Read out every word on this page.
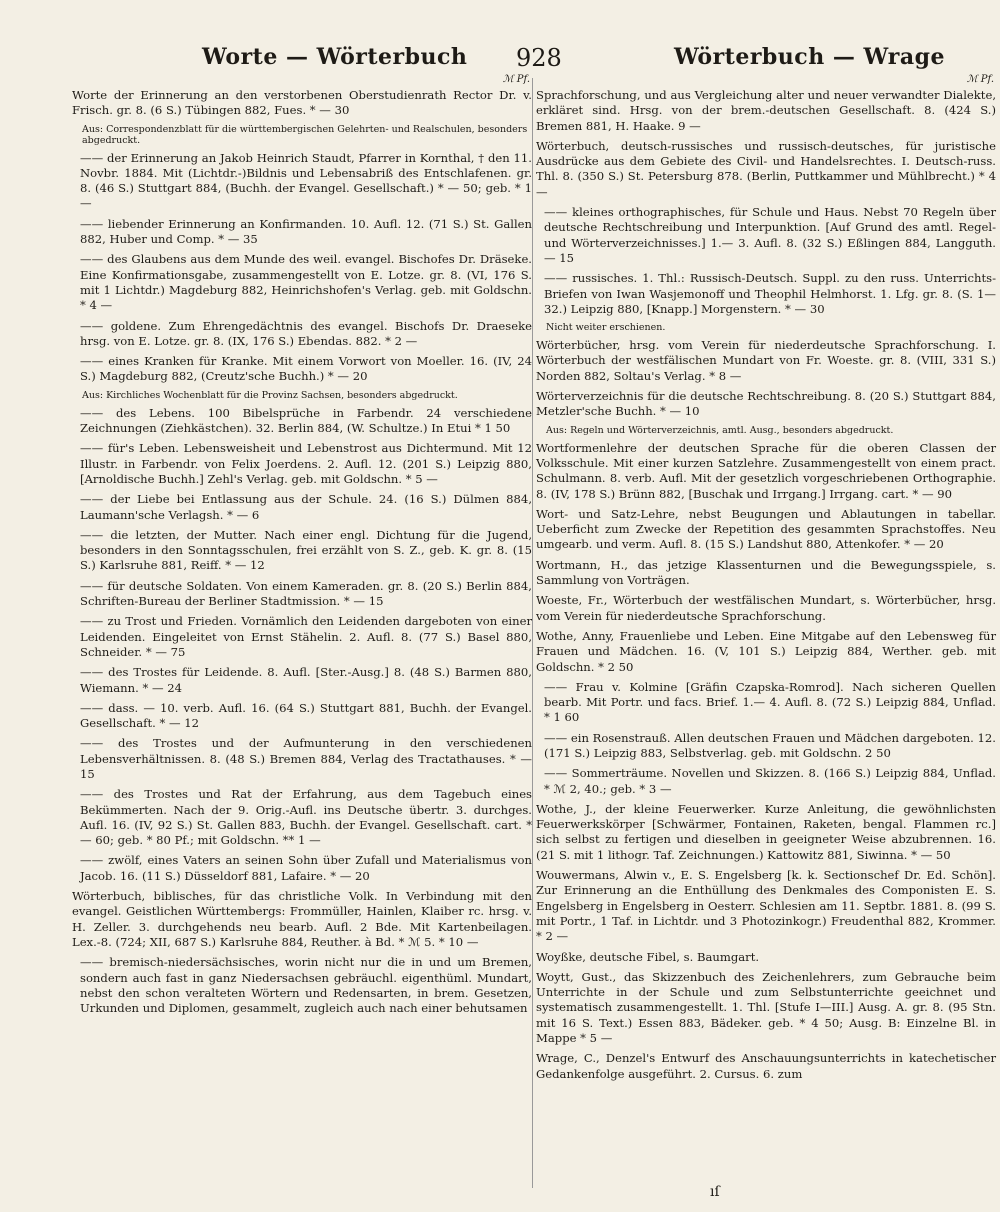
Worte — Wörterbuch 928	Wörterbuch — Wrage
ℳ Pf.
Worte der Erinnerung an den verstorbenen Oberstudienrath Rector Dr. v. Frisch. gr. 8. (6 S.) Tübingen 882, Fues. * — 30
Aus: Correspondenzblatt für die württembergischen Gelehrten- und Realschulen, besonders abgedruckt.
—— der Erinnerung an Jakob Heinrich Staudt, Pfarrer in Kornthal, † den 11. Novbr. 1884. Mit (Lichtdr.-)Bildnis und Lebensabriß des Entschlafenen. gr. 8. (46 S.) Stuttgart 884, (Buchh. der Evangel. Gesellschaft.) * — 50; geb. * 1 —
—— liebender Erinnerung an Konfirmanden. 10. Aufl. 12. (71 S.) St. Gallen 882, Huber und Comp. * — 35
—— des Glaubens aus dem Munde des weil. evangel. Bischofes Dr. Dräseke. Eine Konfirmationsgabe, zusammengestellt von E. Lotze. gr. 8. (VI, 176 S. mit 1 Lichtdr.) Magdeburg 882, Heinrichshofen's Verlag. geb. mit Goldschn. * 4 —
—— goldene. Zum Ehrengedächtnis des evangel. Bischofs Dr. Draeseke hrsg. von E. Lotze. gr. 8. (IX, 176 S.) Ebendas. 882. * 2 —
—— eines Kranken für Kranke. Mit einem Vorwort von Moeller. 16. (IV, 24 S.) Magdeburg 882, (Creutz'sche Buchh.) * — 20
Aus: Kirchliches Wochenblatt für die Provinz Sachsen, besonders abgedruckt.
—— des Lebens. 100 Bibelsprüche in Farbendr. 24 verschiedene Zeichnungen (Ziehkästchen). 32. Berlin 884, (W. Schultze.) In Etui * 1 50
—— für's Leben. Lebensweisheit und Lebenstrost aus Dichtermund. Mit 12 Illustr. in Farbendr. von Felix Joerdens. 2. Aufl. 12. (201 S.) Leipzig 880, [Arnoldische Buchh.] Zehl's Verlag. geb. mit Goldschn. * 5 —
—— der Liebe bei Entlassung aus der Schule. 24. (16 S.) Dülmen 884, Laumann'sche Verlagsh. * — 6
—— die letzten, der Mutter. Nach einer engl. Dichtung für die Jugend, besonders in den Sonntagsschulen, frei erzählt von S. Z., geb. K. gr. 8. (15 S.) Karlsruhe 881, Reiff. * — 12
—— für deutsche Soldaten. Von einem Kameraden. gr. 8. (20 S.) Berlin 884, Schriften-Bureau der Berliner Stadtmission. * — 15
—— zu Trost und Frieden. Vornämlich den Leidenden dargeboten von einer Leidenden. Eingeleitet von Ernst Stähelin. 2. Aufl. 8. (77 S.) Basel 880, Schneider. * — 75
—— des Trostes für Leidende. 8. Aufl. [Ster.-Ausg.] 8. (48 S.) Barmen 880, Wiemann. * — 24
—— dass. — 10. verb. Aufl. 16. (64 S.) Stuttgart 881, Buchh. der Evangel. Gesellschaft. * — 12
—— des Trostes und der Aufmunterung in den verschiedenen Lebensverhältnissen. 8. (48 S.) Bremen 884, Verlag des Tractathauses. * — 15
—— des Trostes und Rat der Erfahrung, aus dem Tagebuch eines Bekümmerten. Nach der 9. Orig.-Aufl. ins Deutsche übertr. 3. durchges. Aufl. 16. (IV, 92 S.) St. Gallen 883, Buchh. der Evangel. Gesellschaft. cart. * — 60; geb. * 80 Pf.; mit Goldschn. ** 1 —
—— zwölf, eines Vaters an seinen Sohn über Zufall und Materialismus von Jacob. 16. (11 S.) Düsseldorf 881, Lafaire. * — 20
Wörterbuch, biblisches, für das christliche Volk. In Verbindung mit den evangel. Geistlichen Württembergs: Frommüller, Hainlen, Klaiber rc. hrsg. v. H. Zeller. 3. durchgehends neu bearb. Aufl. 2 Bde. Mit Kartenbeilagen. Lex.-8. (724; XII, 687 S.) Karlsruhe 884, Reuther. à Bd. * ℳ 5. * 10 —
—— bremisch-niedersächsisches, worin nicht nur die in und um Bremen, sondern auch fast in ganz Niedersachsen gebräuchl. eigenthüml. Mundart, nebst den schon veralteten Wörtern und Redensarten, in brem. Gesetzen, Urkunden und Diplomen, gesammelt, zugleich auch nach einer behutsamen
ℳ Pf.
Sprachforschung, und aus Vergleichung alter und neuer verwandter Dialekte, erkläret sind. Hrsg. von der brem.-deutschen Gesellschaft. 8. (424 S.) Bremen 881, H. Haake. 9 —
Wörterbuch, deutsch-russisches und russisch-deutsches, für juristische Ausdrücke aus dem Gebiete des Civil- und Handelsrechtes. I. Deutsch-russ. Thl. 8. (350 S.) St. Petersburg 878. (Berlin, Puttkammer und Mühlbrecht.) * 4 —
—— kleines orthographisches, für Schule und Haus. Nebst 70 Regeln über deutsche Rechtschreibung und Interpunktion. [Auf Grund des amtl. Regel- und Wörterverzeichnisses.] 1.— 3. Aufl. 8. (32 S.) Eßlingen 884, Langguth. — 15
—— russisches. 1. Thl.: Russisch-Deutsch. Suppl. zu den russ. Unterrichts-Briefen von Iwan Wasjemonoff und Theophil Helmhorst. 1. Lfg. gr. 8. (S. 1—32.) Leipzig 880, [Knapp.] Morgenstern. * — 30
Nicht weiter erschienen.
Wörterbücher, hrsg. vom Verein für niederdeutsche Sprachforschung. I. Wörterbuch der westfälischen Mundart von Fr. Woeste. gr. 8. (VIII, 331 S.) Norden 882, Soltau's Verlag. * 8 —
Wörterverzeichnis für die deutsche Rechtschreibung. 8. (20 S.) Stuttgart 884, Metzler'sche Buchh. * — 10
Aus: Regeln und Wörterverzeichnis, amtl. Ausg., besonders abgedruckt.
Wortformenlehre der deutschen Sprache für die oberen Classen der Volksschule. Mit einer kurzen Satzlehre. Zusammengestellt von einem pract. Schulmann. 8. verb. Aufl. Mit der gesetzlich vorgeschriebenen Orthographie. 8. (IV, 178 S.) Brünn 882, [Buschak und Irrgang.] Irrgang. cart. * — 90
Wort- und Satz-Lehre, nebst Beugungen und Ablautungen in tabellar. Ueberficht zum Zwecke der Repetition des gesammten Sprachstoffes. Neu umgearb. und verm. Aufl. 8. (15 S.) Landshut 880, Attenkofer. * — 20
Wortmann, H., das jetzige Klassenturnen und die Bewegungsspiele, s. Sammlung von Vorträgen.
Woeste, Fr., Wörterbuch der westfälischen Mundart, s. Wörterbücher, hrsg. vom Verein für niederdeutsche Sprachforschung.
Wothe, Anny, Frauenliebe und Leben. Eine Mitgabe auf den Lebensweg für Frauen und Mädchen. 16. (V, 101 S.) Leipzig 884, Werther. geb. mit Goldschn. * 2 50
—— Frau v. Kolmine [Gräfin Czapska-Romrod]. Nach sicheren Quellen bearb. Mit Portr. und facs. Brief. 1.— 4. Aufl. 8. (72 S.) Leipzig 884, Unflad. * 1 60
—— ein Rosenstrauß. Allen deutschen Frauen und Mädchen dargeboten. 12. (171 S.) Leipzig 883, Selbstverlag. geb. mit Goldschn. 2 50
—— Sommerträume. Novellen und Skizzen. 8. (166 S.) Leipzig 884, Unflad. * ℳ 2, 40.; geb. * 3 —
Wothe, J., der kleine Feuerwerker. Kurze Anleitung, die gewöhnlichsten Feuerwerkskörper [Schwärmer, Fontainen, Raketen, bengal. Flammen rc.] sich selbst zu fertigen und dieselben in geeigneter Weise abzubrennen. 16. (21 S. mit 1 lithogr. Taf. Zeichnungen.) Kattowitz 881, Siwinna. * — 50
Wouwermans, Alwin v., E. S. Engelsberg [k. k. Sectionschef Dr. Ed. Schön]. Zur Erinnerung an die Enthüllung des Denkmales des Componisten E. S. Engelsberg in Engelsberg in Oesterr. Schlesien am 11. Septbr. 1881. 8. (99 S. mit Portr., 1 Taf. in Lichtdr. und 3 Photozinkogr.) Freudenthal 882, Krommer. * 2 —
Woyßke, deutsche Fibel, s. Baumgart.
Woytt, Gust., das Skizzenbuch des Zeichenlehrers, zum Gebrauche beim Unterrichte in der Schule und zum Selbstunterrichte geeichnet und systematisch zusammengestellt. 1. Thl. [Stufe I—III.] Ausg. A. gr. 8. (95 Stn. mit 16 S. Text.) Essen 883, Bädeker. geb. * 4 50; Ausg. B: Einzelne Bl. in Mappe * 5 —
Wrage, C., Denzel's Entwurf des Anschauungsunterrichts in katechetischer Gedankenfolge ausgeführt. 2. Cursus. 6. zum
ıſ
